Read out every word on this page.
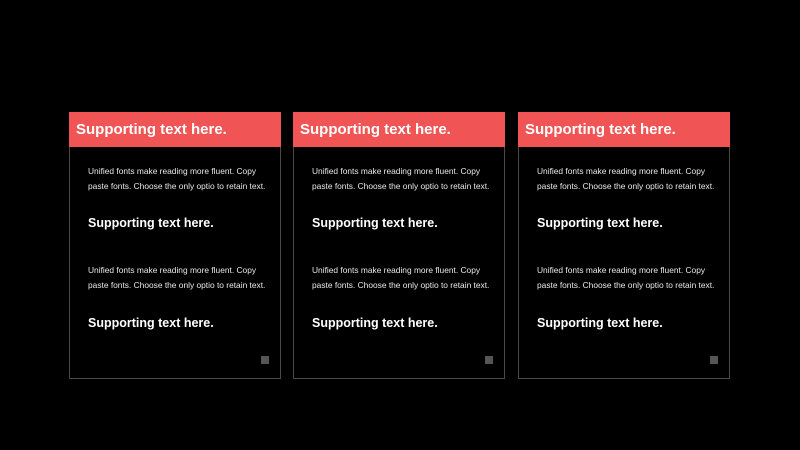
Supporting text here.
Unified fonts make reading more fluent. Copy paste fonts. Choose the only optio to retain text.
Supporting text here.
Unified fonts make reading more fluent. Copy paste fonts. Choose the only optio to retain text.
Supporting text here.
Supporting text here.
Unified fonts make reading more fluent. Copy paste fonts. Choose the only optio to retain text.
Supporting text here.
Unified fonts make reading more fluent. Copy paste fonts. Choose the only optio to retain text.
Supporting text here.
Supporting text here.
Unified fonts make reading more fluent. Copy paste fonts. Choose the only optio to retain text.
Supporting text here.
Unified fonts make reading more fluent. Copy paste fonts. Choose the only optio to retain text.
Supporting text here.
